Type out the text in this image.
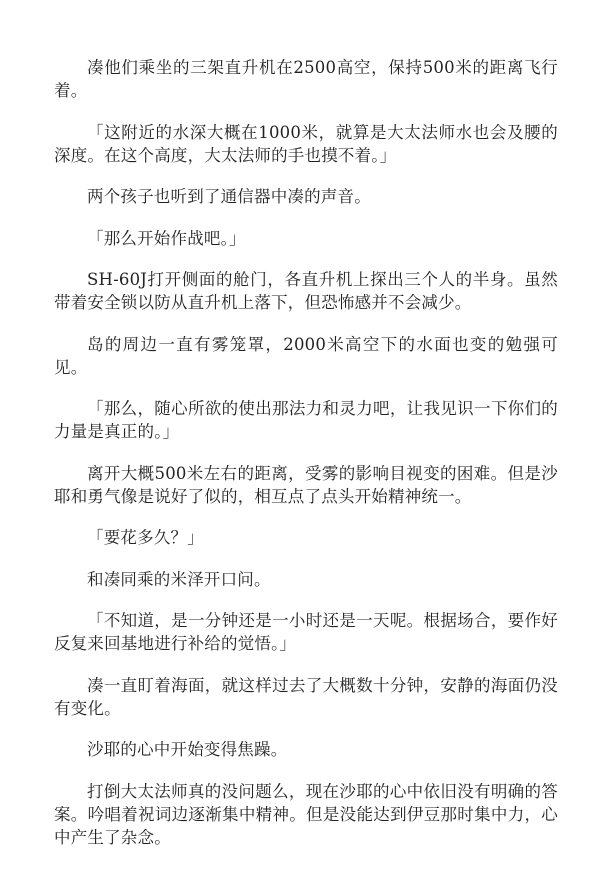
凑他们乘坐的三架直升机在2500高空，保持500米的距离飞行着。

「这附近的水深大概在1000米，就算是大太法师水也会及腰的深度。在这个高度，大太法师的手也摸不着。」

两个孩子也听到了通信器中凑的声音。

「那么开始作战吧。」

SH-60J打开侧面的舱门，各直升机上探出三个人的半身。虽然带着安全锁以防从直升机上落下，但恐怖感并不会减少。

岛的周边一直有雾笼罩，2000米高空下的水面也变的勉强可见。

「那么，随心所欲的使出那法力和灵力吧，让我见识一下你们的力量是真正的。」

离开大概500米左右的距离，受雾的影响目视变的困难。但是沙耶和勇气像是说好了似的，相互点了点头开始精神统一。

「要花多久？」

和凑同乘的米泽开口问。

「不知道，是一分钟还是一小时还是一天呢。根据场合，要作好反复来回基地进行补给的觉悟。」

凑一直盯着海面，就这样过去了大概数十分钟，安静的海面仍没有变化。

沙耶的心中开始变得焦躁。

打倒大太法师真的没问题么，现在沙耶的心中依旧没有明确的答案。吟唱着祝词边逐渐集中精神。但是没能达到伊豆那时集中力，心中产生了杂念。
